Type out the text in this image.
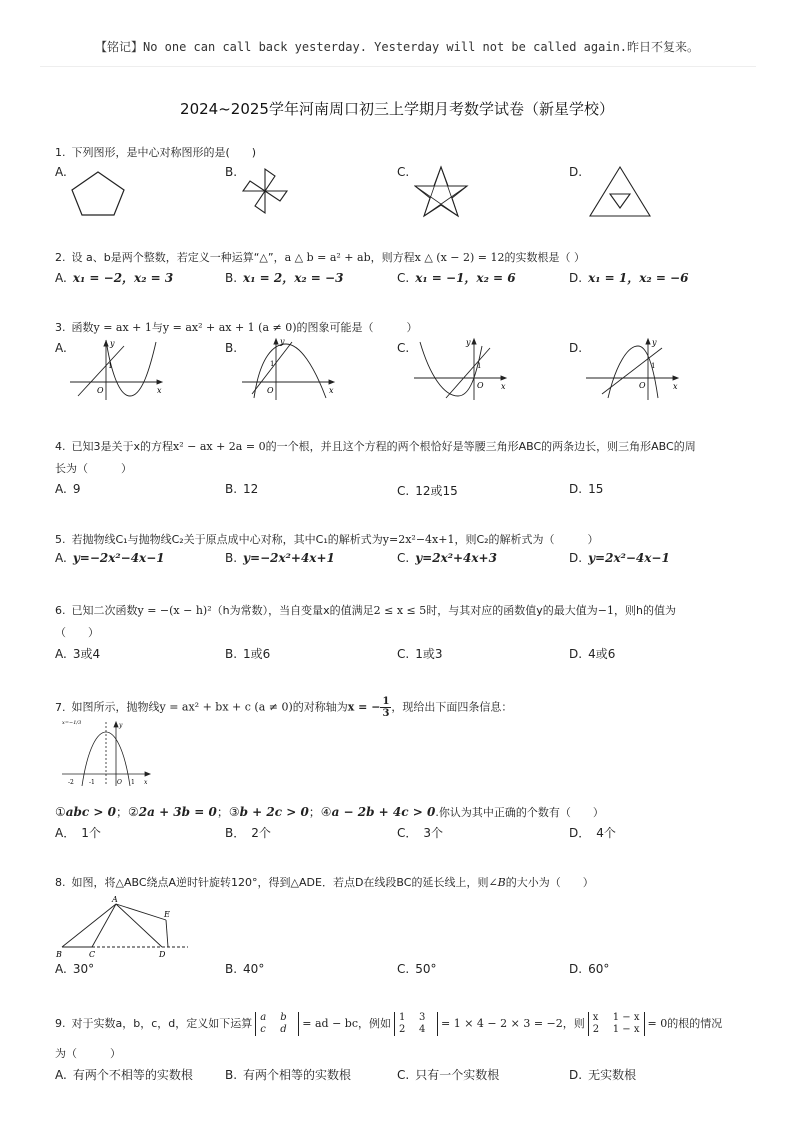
【铭记】No one can call back yesterday. Yesterday will not be called again.昨日不复来。
2024~2025学年河南周口初三上学期月考数学试卷（新星学校）
1. 下列图形，是中心对称图形的是(　　)
A.	B.	C.	D.
2. 设 a、b是两个整数，若定义一种运算“△”，a △ b = a² + ab，则方程x △ (x − 2) = 12的实数根是（ ）
A. x₁ = −2，x₂ = 3	B. x₁ = 2，x₂ = −3	C. x₁ = −1，x₂ = 6	D. x₁ = 1，x₂ = −6
3. 函数y = ax + 1与y = ax² + ax + 1 (a ≠ 0)的图象可能是（　　　）
A.	B.	C.	D.
y
x
O
1
y
x
O
1
y
x
O
1
y
x
O
1
4. 已知3是关于x的方程x² − ax + 2a = 0的一个根，并且这个方程的两个根恰好是等腰三角形ABC的两条边长，则三角形ABC的周
长为（　　　）
A. 9	B. 12	C. 12或15	D. 15
5. 若抛物线C₁与抛物线C₂关于原点成中心对称，其中C₁的解析式为y=2x²−4x+1，则C₂的解析式为（　　　）
A. y=−2x²−4x−1	B. y=−2x²+4x+1	C. y=2x²+4x+3	D. y=2x²−4x−1
6. 已知二次函数y = −(x − h)²（h为常数），当自变量x的值满足2 ≤ x ≤ 5时，与其对应的函数值y的最大值为−1，则h的值为
（　　）
A. 3或4	B. 1或6	C. 1或3	D. 4或6
7. 如图所示，抛物线y = ax² + bx + c (a ≠ 0)的对称轴为x = − $\frac{1}{3}$ ，现给出下面四条信息：
-2	-1	O 1 x
y
x=−1/3
①abc > 0；②2a + 3b = 0；③b + 2c > 0；④a − 2b + 4c > 0.你认为其中正确的个数有（　　）
A． 1个	B． 2个	C． 3个	D． 4个
8. 如图，将△ABC绕点A逆时针旋转120°，得到△ADE．若点D在线段BC的延长线上，则∠B的大小为（　　）
A
B	C	D
E
A. 30°	B. 40°	C. 50°	D. 60°
9. 对于实数a，b，c，d，定义如下运算 a b
c d	= ad − bc，例如 1 3
2 4	= 1 × 4 − 2 × 3 = −2，则 x 1 − x
2 1 − x = 0的根的情况
为（　　　）
A. 有两个不相等的实数根	B. 有两个相等的实数根	C. 只有一个实数根	D. 无实数根
